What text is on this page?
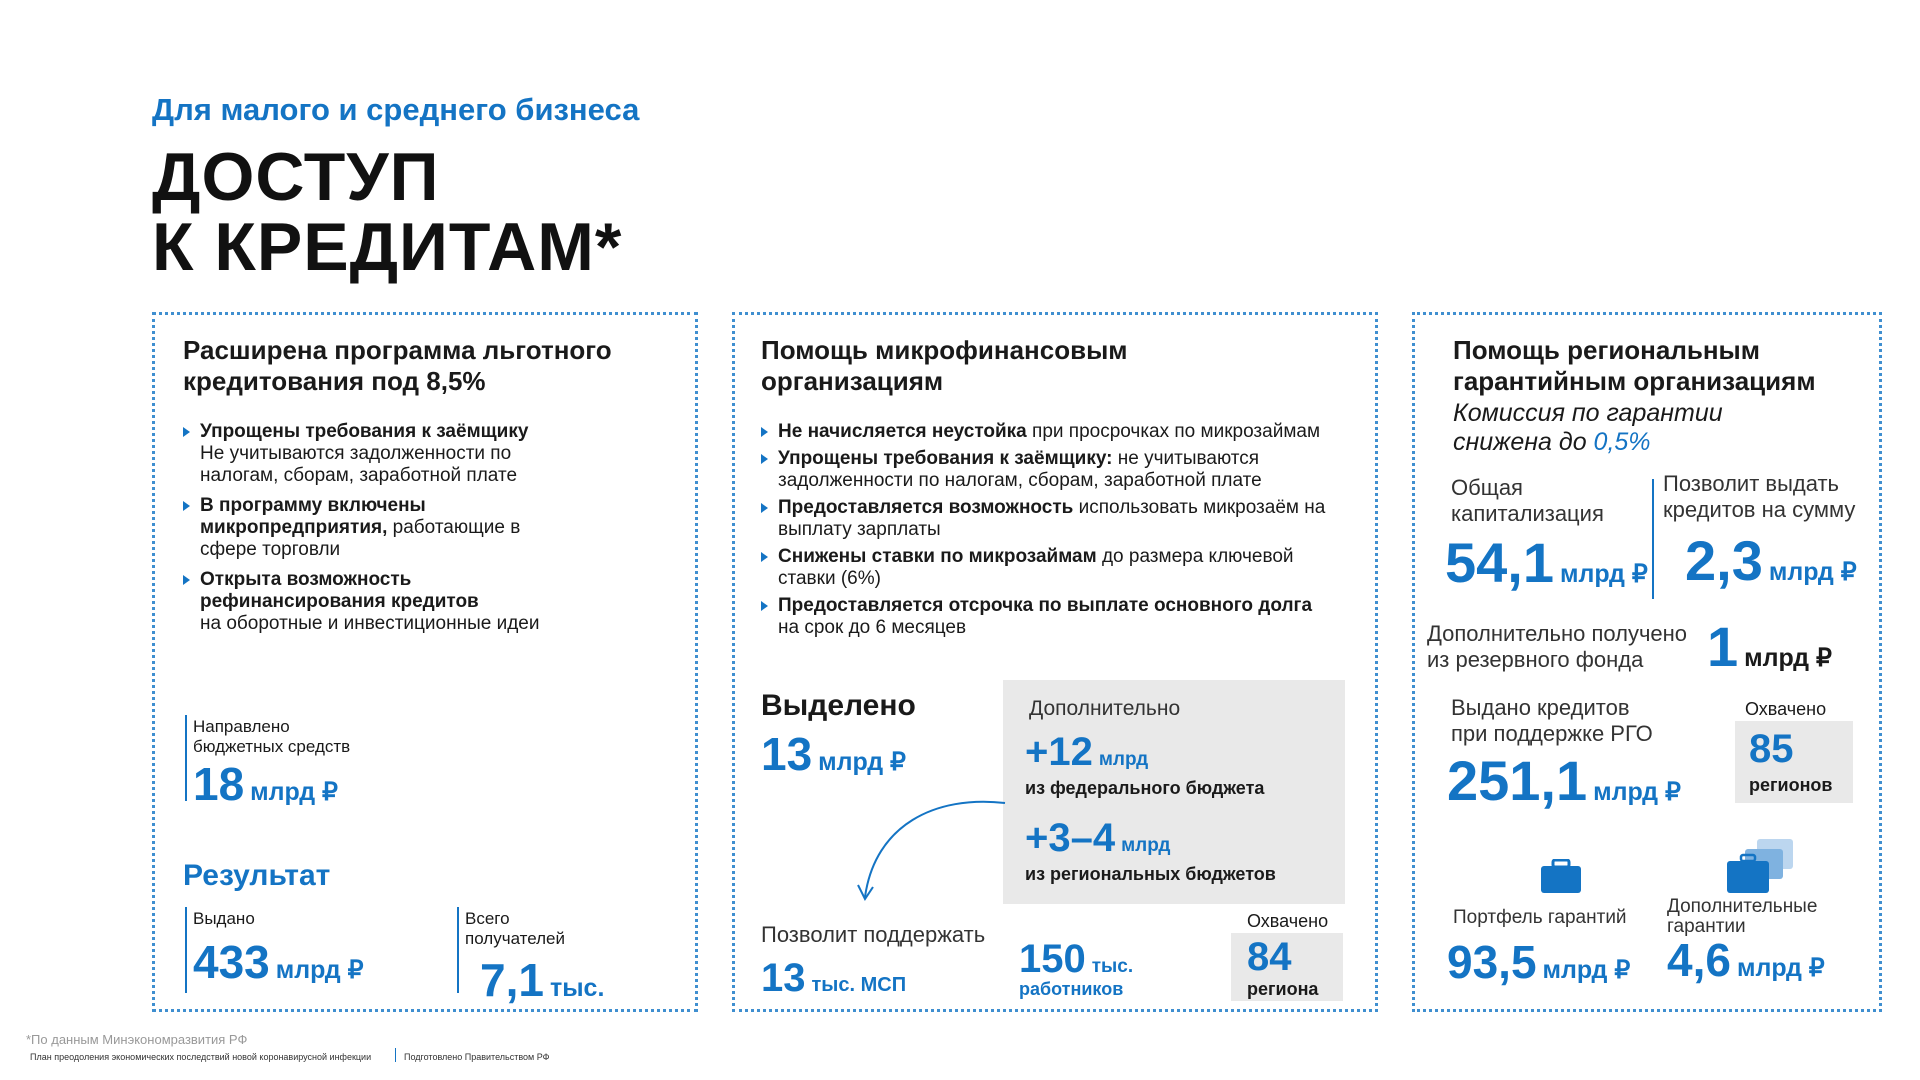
Для малого и среднего бизнеса
ДОСТУП
К КРЕДИТАМ*
Расширена программа льготного
кредитования под 8,5%
Упрощены требования к заёмщику
Не учитываются задолженности по налогам, сборам, заработной плате
В программу включены микропредприятия, работающие в сфере торговли
Открыта возможность рефинансирования кредитов
на оборотные и инвестиционные идеи
Направлено
бюджетных средств
18 млрд ₽
Результат
Выдано
433 млрд ₽
Всего
получателей
7,1 тыс.
Помощь микрофинансовым
организациям
Не начисляется неустойка при просрочках по микрозаймам
Упрощены требования к заёмщику: не учитываются задолженности по налогам, сборам, заработной плате
Предоставляется возможность использовать микрозаём на выплату зарплаты
Снижены ставки по микрозаймам до размера ключевой ставки (6%)
Предоставляется отсрочка по выплате основного долга на срок до 6 месяцев
Выделено
13 млрд ₽
Дополнительно
+12 млрд
из федерального бюджета
+3–4 млрд
из региональных бюджетов
Позволит поддержать
13 тыс. МСП
150 тыс.
работников
Охвачено
84
региона
Помощь региональным
гарантийным организациям
Комиссия по гарантии
снижена до 0,5%
Общая
капитализация
54,1 млрд ₽
Позволит выдать
кредитов на сумму
2,3 млрд ₽
Дополнительно получено
из резервного фонда	1 млрд ₽
Выдано кредитов
при поддержке РГО
251,1 млрд ₽
Охвачено
85
регионов
Портфель гарантий
93,5 млрд ₽
Дополнительные
гарантии
4,6 млрд ₽
*По данным Минэкономразвития РФ
План преодоления экономических последствий новой коронавирусной инфекции	Подготовлено Правительством РФ
